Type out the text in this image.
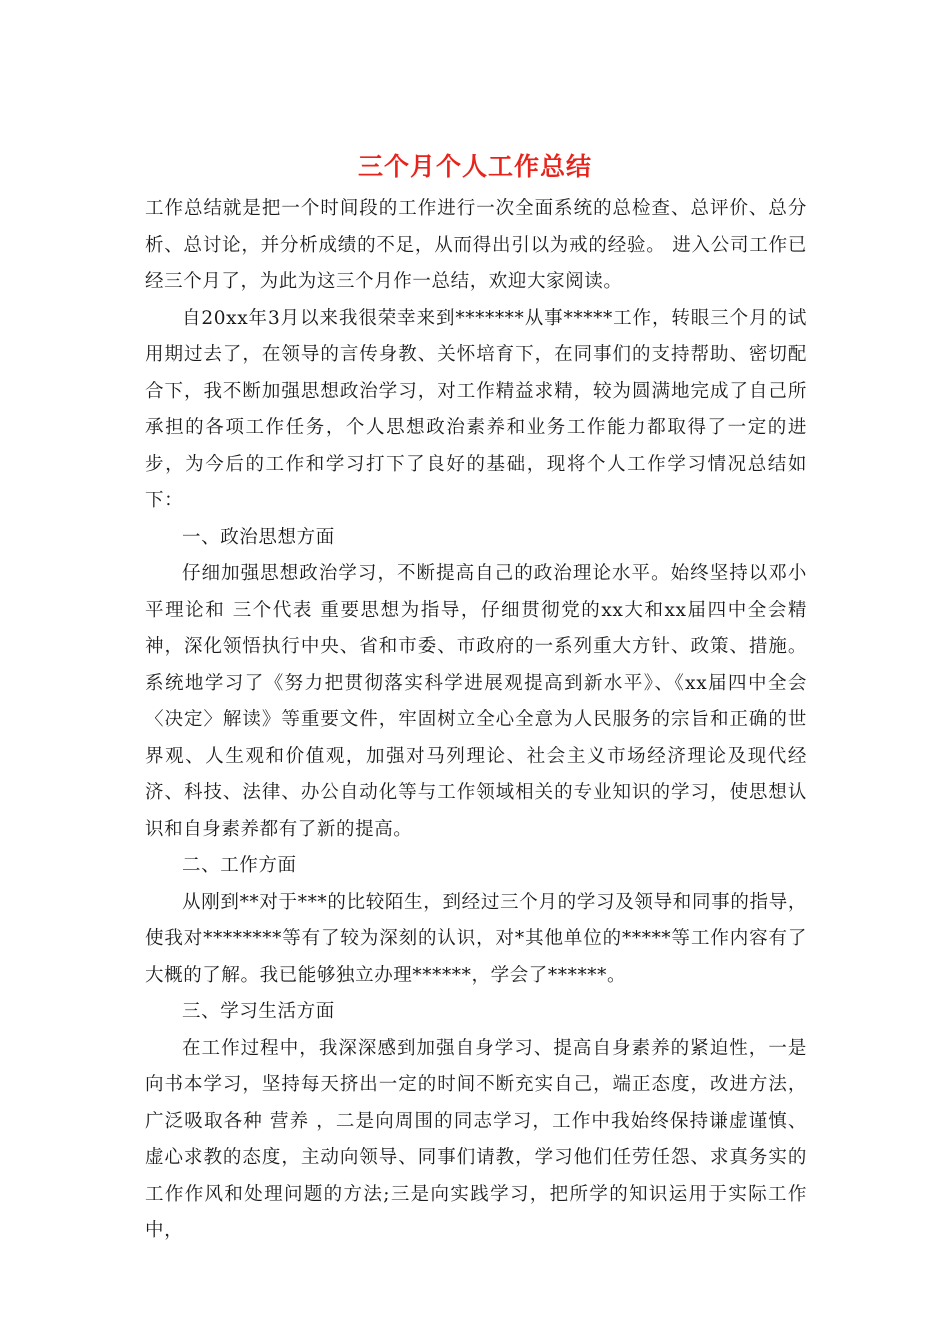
三个月个人工作总结

工作总结就是把一个时间段的工作进行一次全面系统的总检查、总评价、总分析、总讨论，并分析成绩的不足，从而得出引以为戒的经验。 进入公司工作已经三个月了，为此为这三个月作一总结，欢迎大家阅读。

自20xx年3月以来我很荣幸来到*******从事*****工作，转眼三个月的试用期过去了，在领导的言传身教、关怀培育下，在同事们的支持帮助、密切配合下，我不断加强思想政治学习，对工作精益求精，较为圆满地完成了自己所承担的各项工作任务，个人思想政治素养和业务工作能力都取得了一定的进步，为今后的工作和学习打下了良好的基础，现将个人工作学习情况总结如下：

一、政治思想方面

仔细加强思想政治学习，不断提高自己的政治理论水平。始终坚持以邓小平理论和 三个代表 重要思想为指导，仔细贯彻党的xx大和xx届四中全会精神，深化领悟执行中央、省和市委、市政府的一系列重大方针、政策、措施。系统地学习了《努力把贯彻落实科学进展观提高到新水平》、《xx届四中全会〈决定〉解读》等重要文件，牢固树立全心全意为人民服务的宗旨和正确的世界观、人生观和价值观，加强对马列理论、社会主义市场经济理论及现代经济、科技、法律、办公自动化等与工作领域相关的专业知识的学习，使思想认识和自身素养都有了新的提高。

二、工作方面

从刚到**对于***的比较陌生，到经过三个月的学习及领导和同事的指导，使我对********等有了较为深刻的认识，对*其他单位的*****等工作内容有了大概的了解。我已能够独立办理******，学会了******。

三、学习生活方面

在工作过程中，我深深感到加强自身学习、提高自身素养的紧迫性，一是向书本学习，坚持每天挤出一定的时间不断充实自己，端正态度，改进方法，广泛吸取各种 营养 ，二是向周围的同志学习，工作中我始终保持谦虚谨慎、虚心求教的态度，主动向领导、同事们请教，学习他们任劳任怨、求真务实的工作作风和处理问题的方法;三是向实践学习，把所学的知识运用于实际工作中，
